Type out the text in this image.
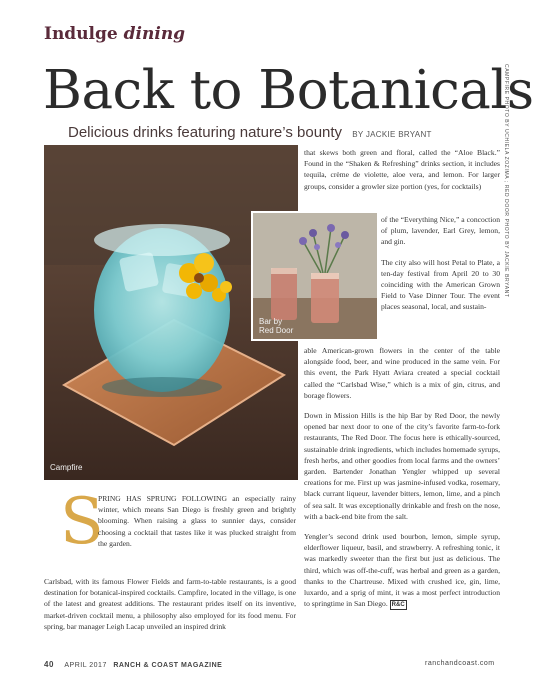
Indulge dining
Back to Botanicals
Delicious drinks featuring nature’s bounty BY JACKIE BRYANT	CAMPFIRE PHOTO BY UCHIELA ZOZIMA ; RED DOOR PHOTO BY JACKIE BRYANT
Campfire
Bar by
Red Door
S

PRING HAS SPRUNG FOLLOWING an especially rainy winter, which means San Diego is freshly green and brightly blooming. When raising a glass to sunnier days, consider choosing a cocktail that tastes like it was plucked straight from the garden.

Carlsbad, with its famous Flower Fields and farm-to-table restaurants, is a good destination for botanical-inspired cocktails. Campfire, located in the village, is one of the latest and greatest additions. The restaurant prides itself on its inventive, market-driven cocktail menu, a philosophy also employed for its food menu. For spring, bar manager Leigh Lacap unveiled an inspired drink

that skews both green and floral, called the “Aloe Black.” Found in the “Shaken & Refreshing” drinks section, it includes tequila, crème de violette, aloe vera, and lemon. For larger groups, consider a growler size portion (yes, for cocktails)

of the “Everything Nice,” a concoction of plum, lavender, Earl Grey, lemon, and gin.

The city also will host Petal to Plate, a ten-day festival from April 20 to 30 coinciding with the American Grown Field to Vase Dinner Tour. The event places seasonal, local, and sustain-

able American-grown flowers in the center of the table alongside food, beer, and wine produced in the same vein. For this event, the Park Hyatt Aviara created a special cocktail called the “Carlsbad Wise,” which is a mix of gin, citrus, and borage flowers.

Down in Mission Hills is the hip Bar by Red Door, the newly opened bar next door to one of the city’s favorite farm-to-fork restaurants, The Red Door. The focus here is ethically-sourced, sustainable drink ingredients, which includes homemade syrups, fresh herbs, and other goodies from local farms and the owners’ garden. Bartender Jonathan Yengler whipped up several creations for me. First up was jasmine-infused vodka, rosemary, black currant liqueur, lavender bitters, lemon, lime, and a pinch of sea salt. It was exceptionally drinkable and fresh on the nose, with a back-end bite from the salt.

Yengler’s second drink used bourbon, lemon, simple syrup, elderflower liqueur, basil, and strawberry. A refreshing tonic, it was markedly sweeter than the first but just as delicious. The third, which was off-the-cuff, was herbal and green as a garden, thanks to the Chartreuse. Mixed with crushed ice, gin, lime, luxardo, and a sprig of mint, it was a most perfect introduction to springtime in San Diego. R&C

40 APRIL 2017 RANCH & COAST MAGAZINE	ranchandcoast.com
